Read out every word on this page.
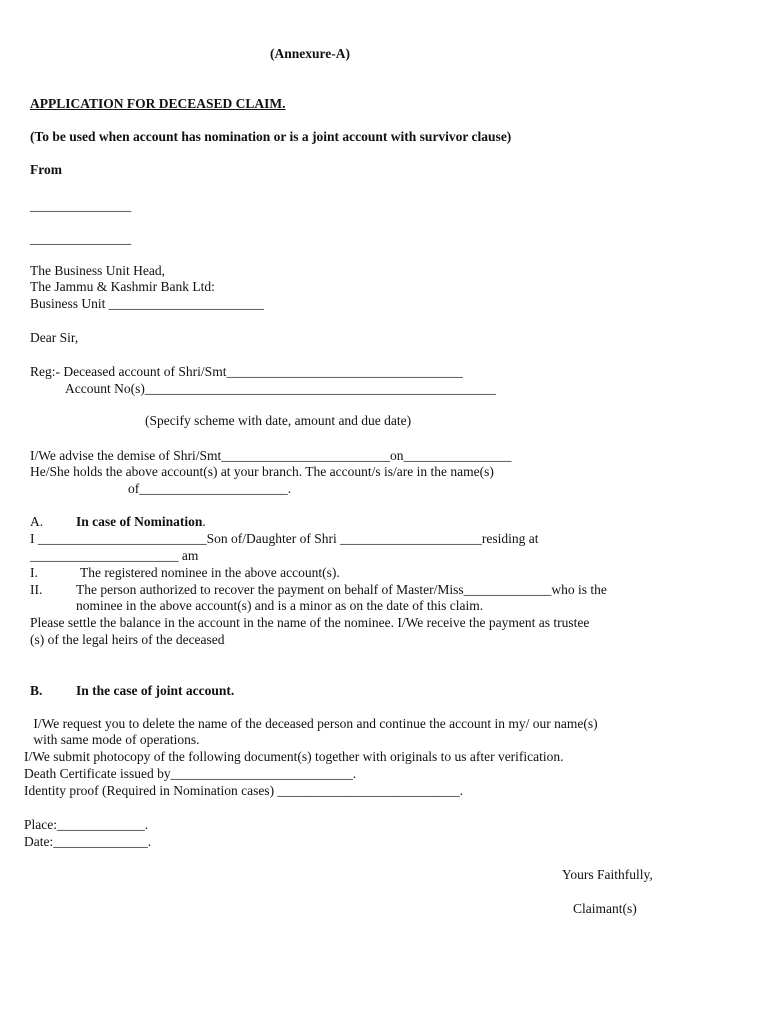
(Annexure-A)
APPLICATION FOR DECEASED CLAIM.
(To be used when account has nomination or is a joint account with survivor clause)
From
_______________
_______________
The Business Unit Head,
The Jammu & Kashmir Bank Ltd:
Business Unit _______________________
Dear Sir,
Reg:- Deceased account of Shri/Smt___________________________________
Account No(s)____________________________________________________
(Specify scheme with date, amount and due date)
I/We advise the demise of Shri/Smt_________________________on________________
He/She holds the above account(s) at your branch. The account/s is/are in the name(s)
of______________________.
A. In case of Nomination.
I _________________________Son of/Daughter of Shri _____________________residing at
______________________ am
I.	The registered nominee in the above account(s).
II. The person authorized to recover the payment on behalf of Master/Miss_____________who is the
nominee in the above account(s) and is a minor as on the date of this claim.
Please settle the balance in the account in the name of the nominee. I/We receive the payment as trustee
(s) of the legal heirs of the deceased
B. In the case of joint account.
I/We request you to delete the name of the deceased person and continue the account in my/ our name(s)
with same mode of operations.
I/We submit photocopy of the following document(s) together with originals to us after verification.
Death Certificate issued by___________________________.
Identity proof (Required in Nomination cases) ___________________________.
Place:_____________.
Date:______________.
Yours Faithfully,
Claimant(s)
